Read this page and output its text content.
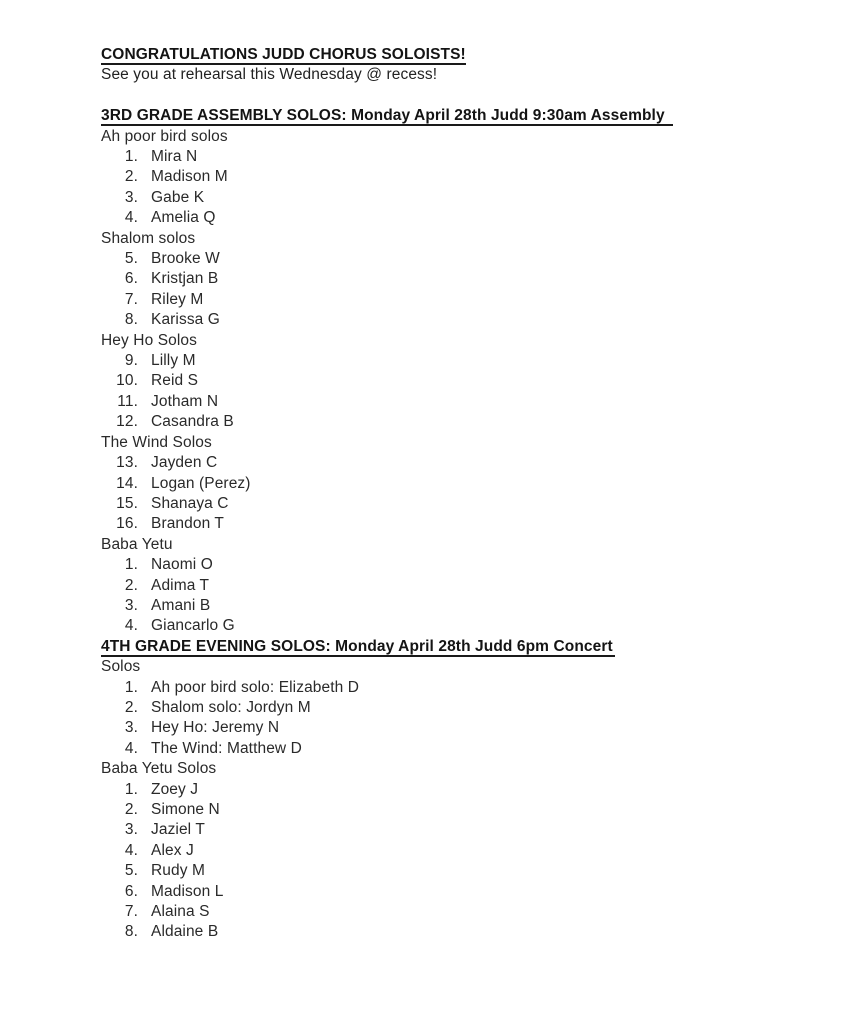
CONGRATULATIONS JUDD CHORUS SOLOISTS!
See you at rehearsal this Wednesday @ recess!
3RD GRADE ASSEMBLY SOLOS: Monday April 28th Judd 9:30am Assembly
Ah poor bird solos
1. Mira N
2. Madison M
3. Gabe K
4. Amelia Q
Shalom solos
5. Brooke W
6. Kristjan B
7. Riley M
8. Karissa G
Hey Ho Solos
9. Lilly M
10. Reid S
11. Jotham N
12. Casandra B
The Wind Solos
13. Jayden C
14. Logan (Perez)
15. Shanaya C
16. Brandon T
Baba Yetu
1. Naomi O
2. Adima T
3. Amani B
4. Giancarlo G
4TH GRADE EVENING SOLOS: Monday April 28th Judd 6pm Concert
Solos
1. Ah poor bird solo: Elizabeth D
2. Shalom solo: Jordyn M
3. Hey Ho: Jeremy N
4. The Wind: Matthew D
Baba Yetu Solos
1. Zoey J
2. Simone N
3. Jaziel T
4. Alex J
5. Rudy M
6. Madison L
7. Alaina S
8. Aldaine B
